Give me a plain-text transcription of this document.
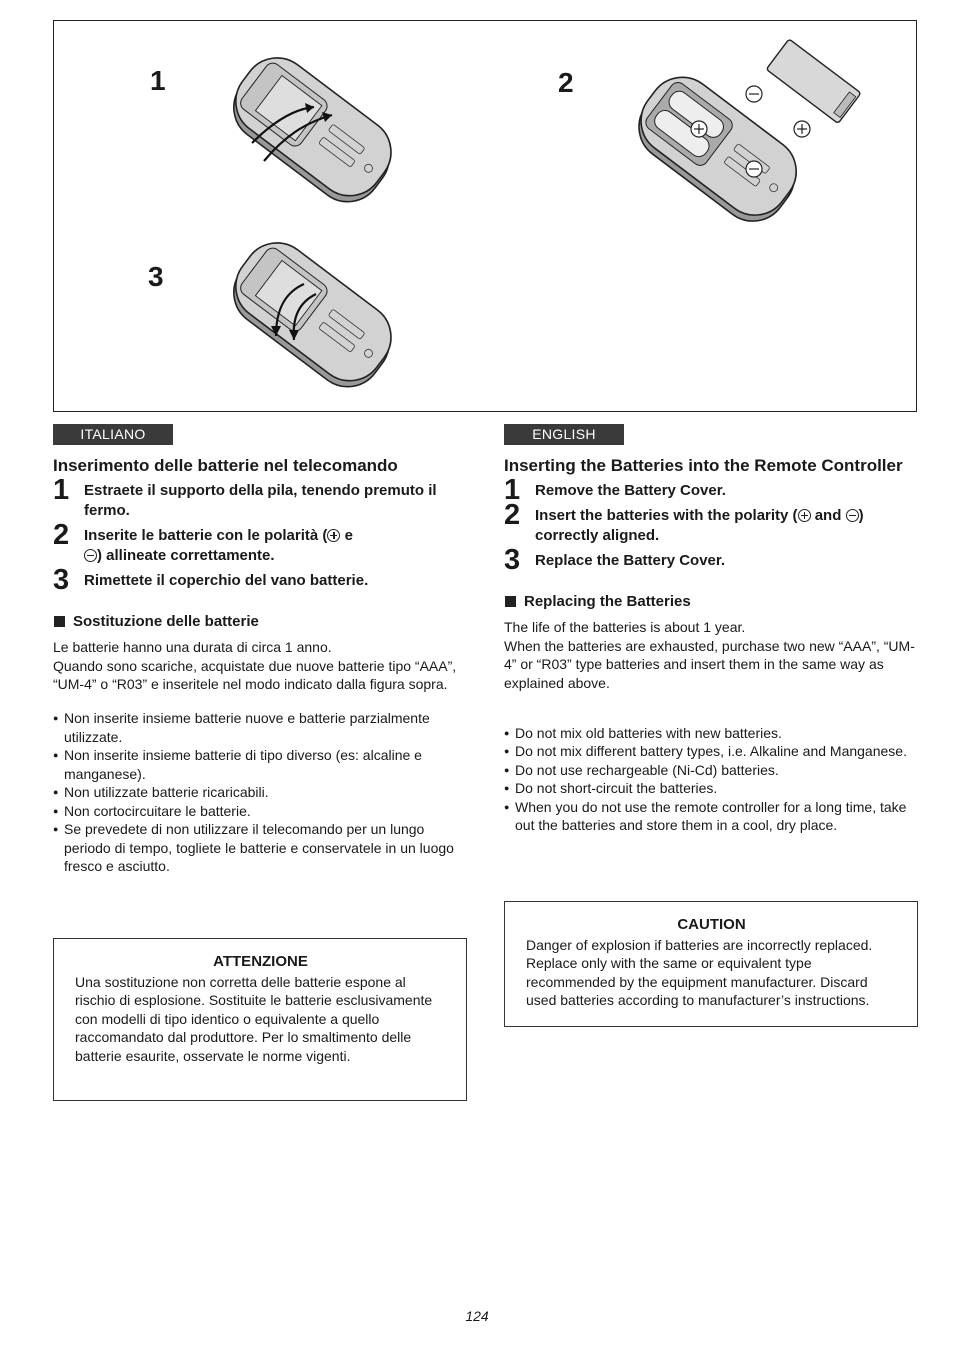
1	2
3
ITALIANO
Inserimento delle batterie nel telecomando
1 Estraete il supporto della pila, tenendo premuto il fermo.
2 Inserite le batterie con le polarità ( e
) allineate correttamente.
3 Rimettete il coperchio del vano batterie.
Sostituzione delle batterie
Le batterie hanno una durata di circa 1 anno.
Quando sono scariche, acquistate due nuove batterie tipo “AAA”, “UM-4” o “R03” e inseritele nel modo indicato dalla figura sopra.
● Non inserite insieme batterie nuove e batterie parzialmente utilizzate.
● Non inserite insieme batterie di tipo diverso (es: alcaline e manganese).
● Non utilizzate batterie ricaricabili.
● Non cortocircuitare le batterie.
● Se prevedete di non utilizzare il telecomando per un lungo periodo di tempo, togliete le batterie e conservatele in un luogo fresco e asciutto.
ATTENZIONE
Una sostituzione non corretta delle batterie espone al rischio di esplosione. Sostituite le batterie esclusivamente con modelli di tipo identico o equivalente a quello raccomandato dal produttore. Per lo smaltimento delle batterie esaurite, osservate le norme vigenti.
ENGLISH
Inserting the Batteries into the Remote Controller
1 Remove the Battery Cover.
2 Insert the batteries with the polarity ( and ) correctly aligned.
3 Replace the Battery Cover.
Replacing the Batteries
The life of the batteries is about 1 year.
When the batteries are exhausted, purchase two new “AAA”, “UM-4” or “R03” type batteries and insert them in the same way as explained above.
● Do not mix old batteries with new batteries.
● Do not mix different battery types, i.e. Alkaline and Manganese.
● Do not use rechargeable (Ni-Cd) batteries.
● Do not short-circuit the batteries.
● When you do not use the remote controller for a long time, take out the batteries and store them in a cool, dry place.
CAUTION
Danger of explosion if batteries are incorrectly replaced. Replace only with the same or equivalent type recommended by the equipment manufacturer. Discard used batteries according to manufacturer’s instructions.
124
